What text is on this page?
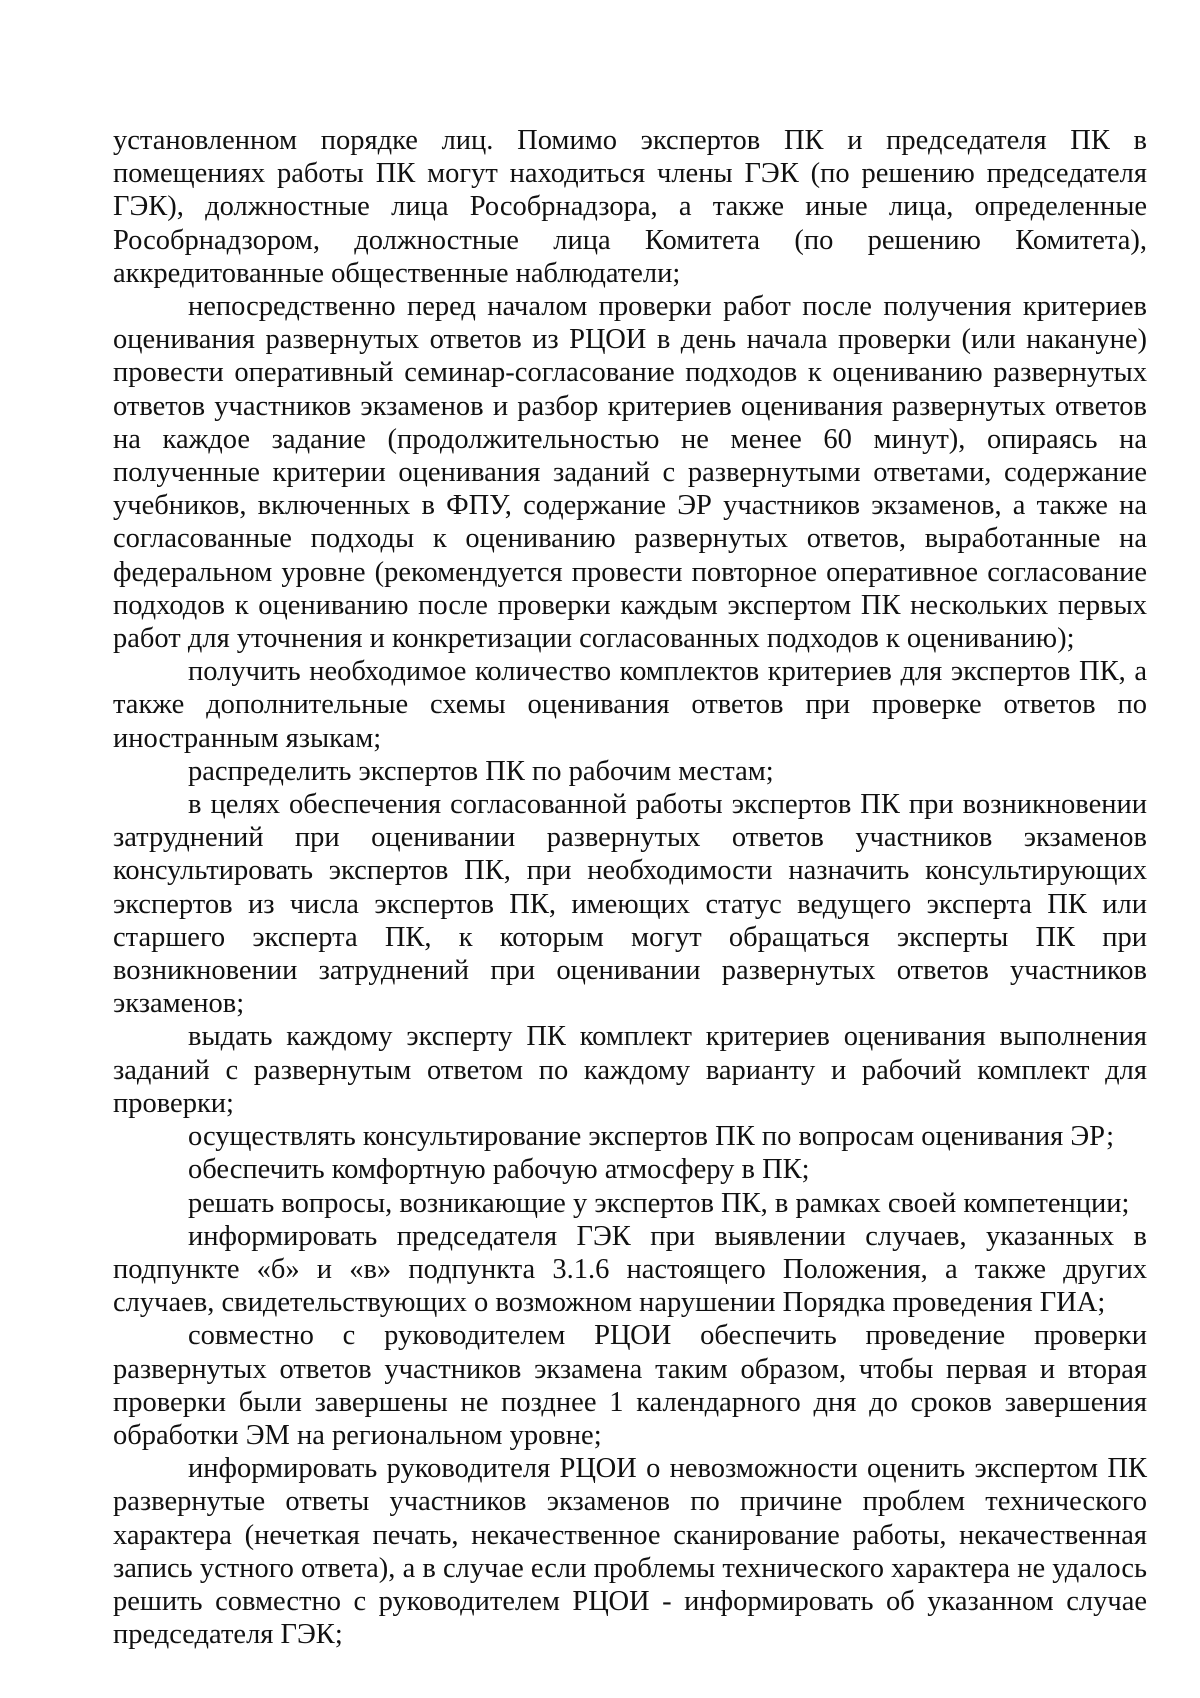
установленном порядке лиц. Помимо экспертов ПК и председателя ПК в помещениях работы ПК могут находиться члены ГЭК (по решению председателя ГЭК), должностные лица Рособрнадзора, а также иные лица, определенные Рособрнадзором, должностные лица Комитета (по решению Комитета), аккредитованные общественные наблюдатели;

непосредственно перед началом проверки работ после получения критериев оценивания развернутых ответов из РЦОИ в день начала проверки (или накануне) провести оперативный семинар-согласование подходов к оцениванию развернутых ответов участников экзаменов и разбор критериев оценивания развернутых ответов на каждое задание (продолжительностью не менее 60 минут), опираясь на полученные критерии оценивания заданий с развернутыми ответами, содержание учебников, включенных в ФПУ, содержание ЭР участников экзаменов, а также на согласованные подходы к оцениванию развернутых ответов, выработанные на федеральном уровне (рекомендуется провести повторное оперативное согласование подходов к оцениванию после проверки каждым экспертом ПК нескольких первых работ для уточнения и конкретизации согласованных подходов к оцениванию);

получить необходимое количество комплектов критериев для экспертов ПК, а также дополнительные схемы оценивания ответов при проверке ответов по иностранным языкам;

распределить экспертов ПК по рабочим местам;

в целях обеспечения согласованной работы экспертов ПК при возникновении затруднений при оценивании развернутых ответов участников экзаменов консультировать экспертов ПК, при необходимости назначить консультирующих экспертов из числа экспертов ПК, имеющих статус ведущего эксперта ПК или старшего эксперта ПК, к которым могут обращаться эксперты ПК при возникновении затруднений при оценивании развернутых ответов участников экзаменов;

выдать каждому эксперту ПК комплект критериев оценивания выполнения заданий с развернутым ответом по каждому варианту и рабочий комплект для проверки;

осуществлять консультирование экспертов ПК по вопросам оценивания ЭР;

обеспечить комфортную рабочую атмосферу в ПК;

решать вопросы, возникающие у экспертов ПК, в рамках своей компетенции;

информировать председателя ГЭК при выявлении случаев, указанных в подпункте «б» и «в» подпункта 3.1.6 настоящего Положения, а также других случаев, свидетельствующих о возможном нарушении Порядка проведения ГИА;

совместно с руководителем РЦОИ обеспечить проведение проверки развернутых ответов участников экзамена таким образом, чтобы первая и вторая проверки были завершены не позднее 1 календарного дня до сроков завершения обработки ЭМ на региональном уровне;

информировать руководителя РЦОИ о невозможности оценить экспертом ПК развернутые ответы участников экзаменов по причине проблем технического характера (нечеткая печать, некачественное сканирование работы, некачественная запись устного ответа), а в случае если проблемы технического характера не удалось решить совместно с руководителем РЦОИ - информировать об указанном случае председателя ГЭК;
